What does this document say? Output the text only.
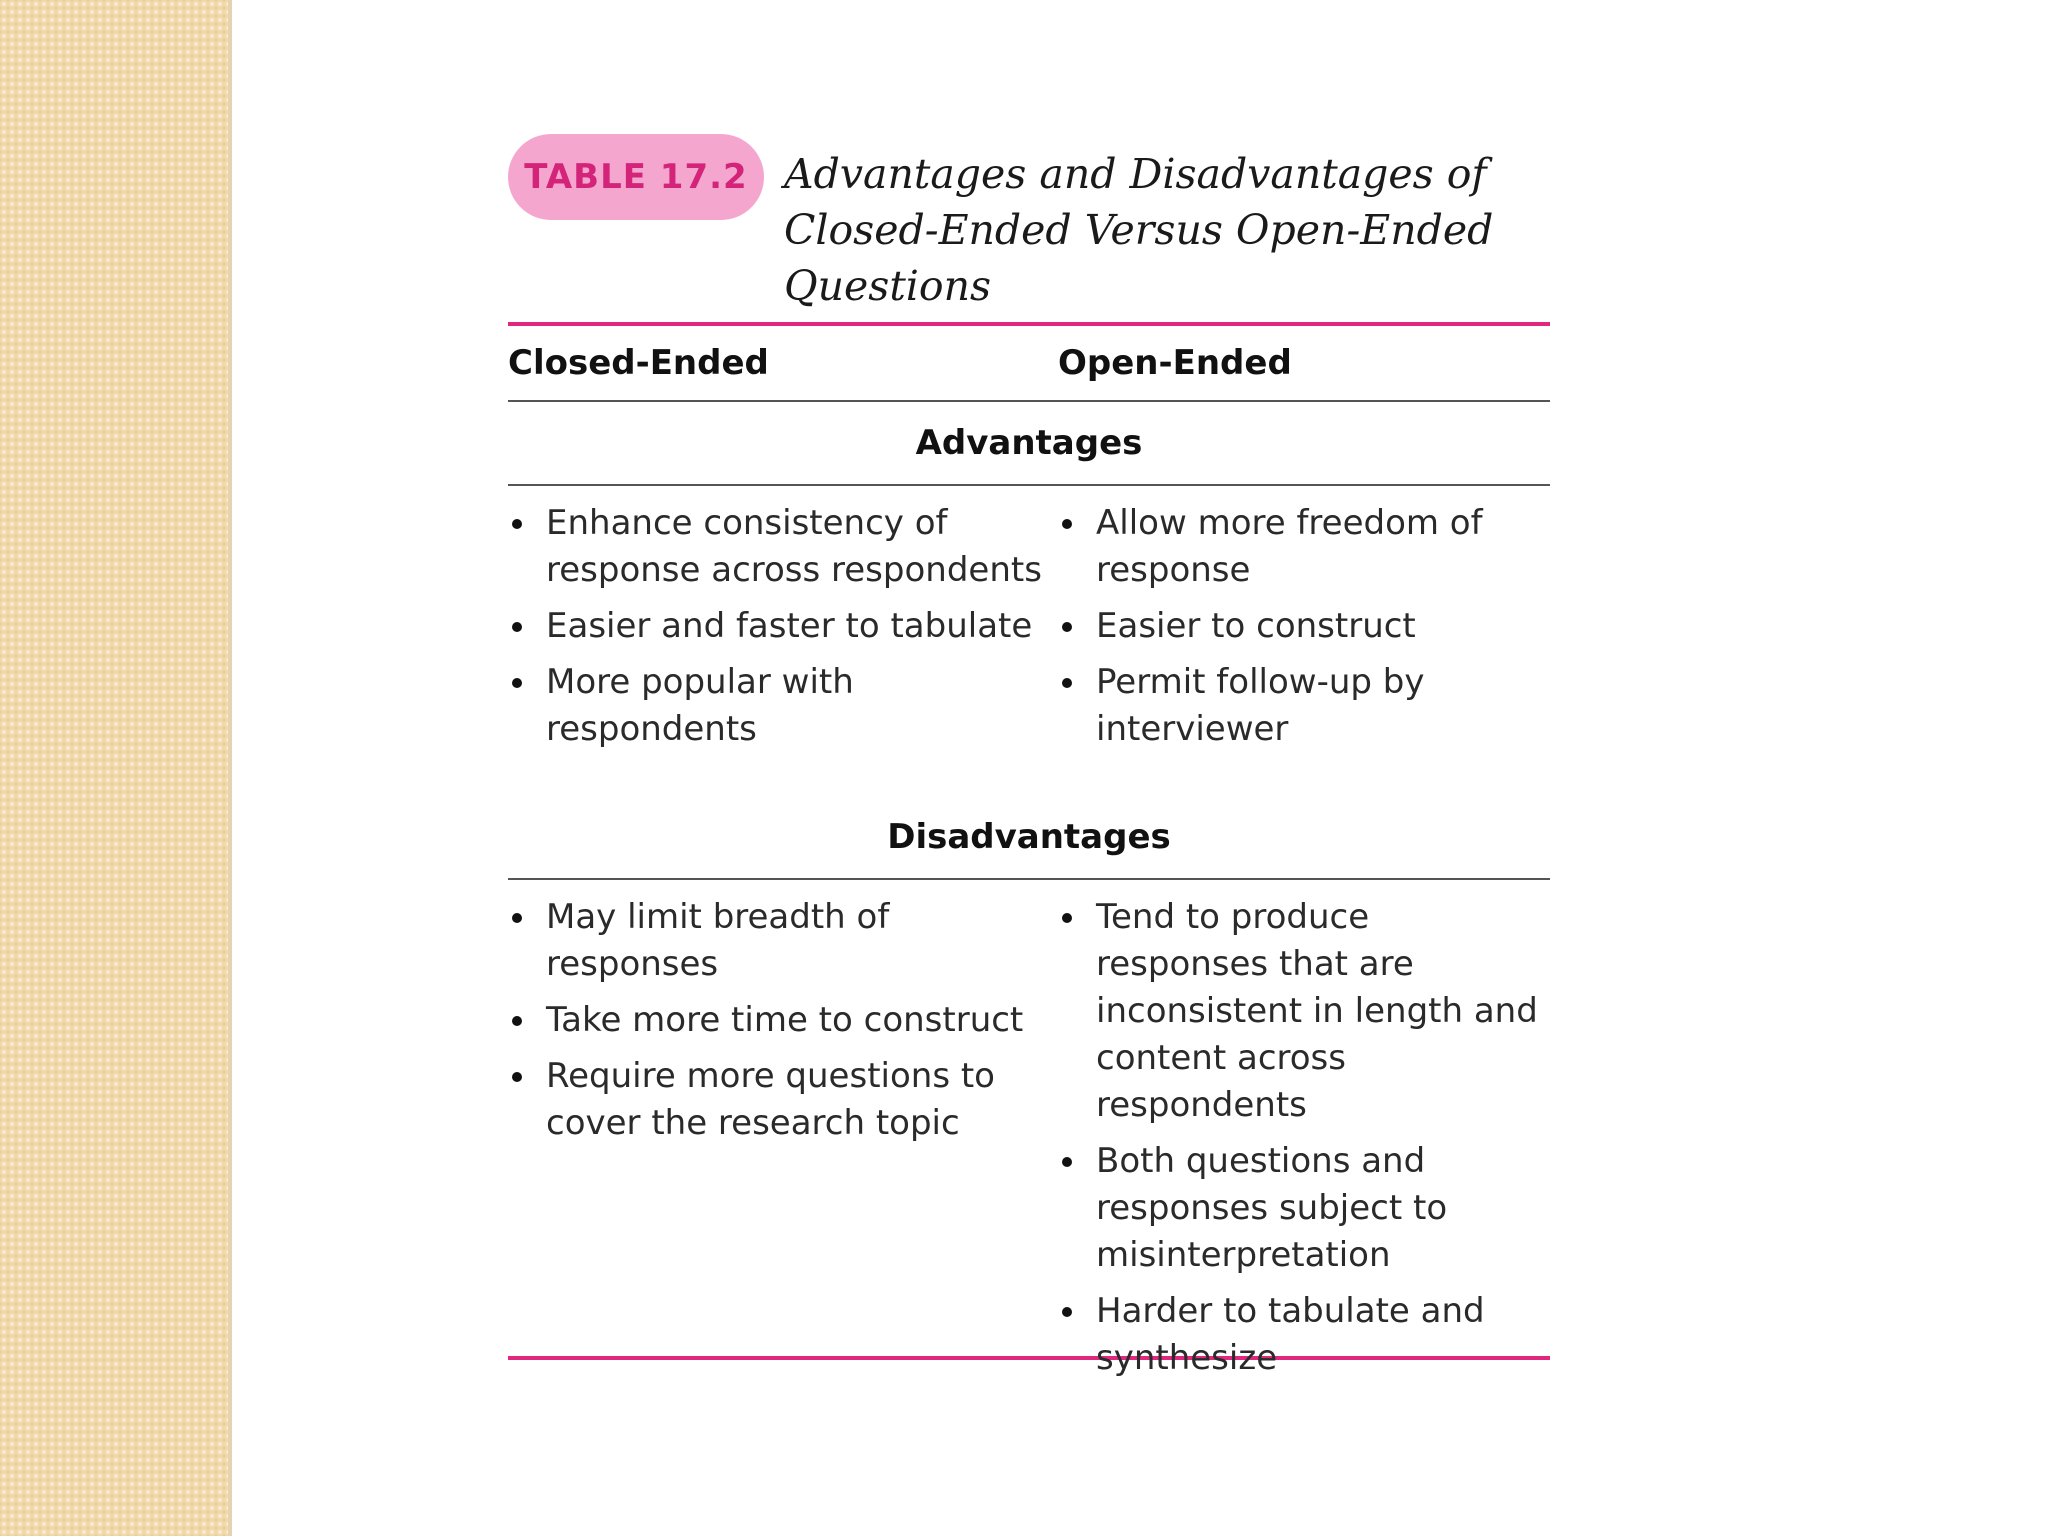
TABLE 17.2 Advantages and Disadvantages of
Closed-Ended Versus Open-Ended
Questions
Closed-Ended	Open-Ended
Advantages
Enhance consistency of response across respondents
Easier and faster to tabulate
More popular with respondents
Allow more freedom of response
Easier to construct
Permit follow-up by interviewer
Disadvantages
May limit breadth of responses
Take more time to construct
Require more questions to cover the research topic
Tend to produce responses that are inconsistent in length and content across respondents
Both questions and responses subject to misinterpretation
Harder to tabulate and synthesize
